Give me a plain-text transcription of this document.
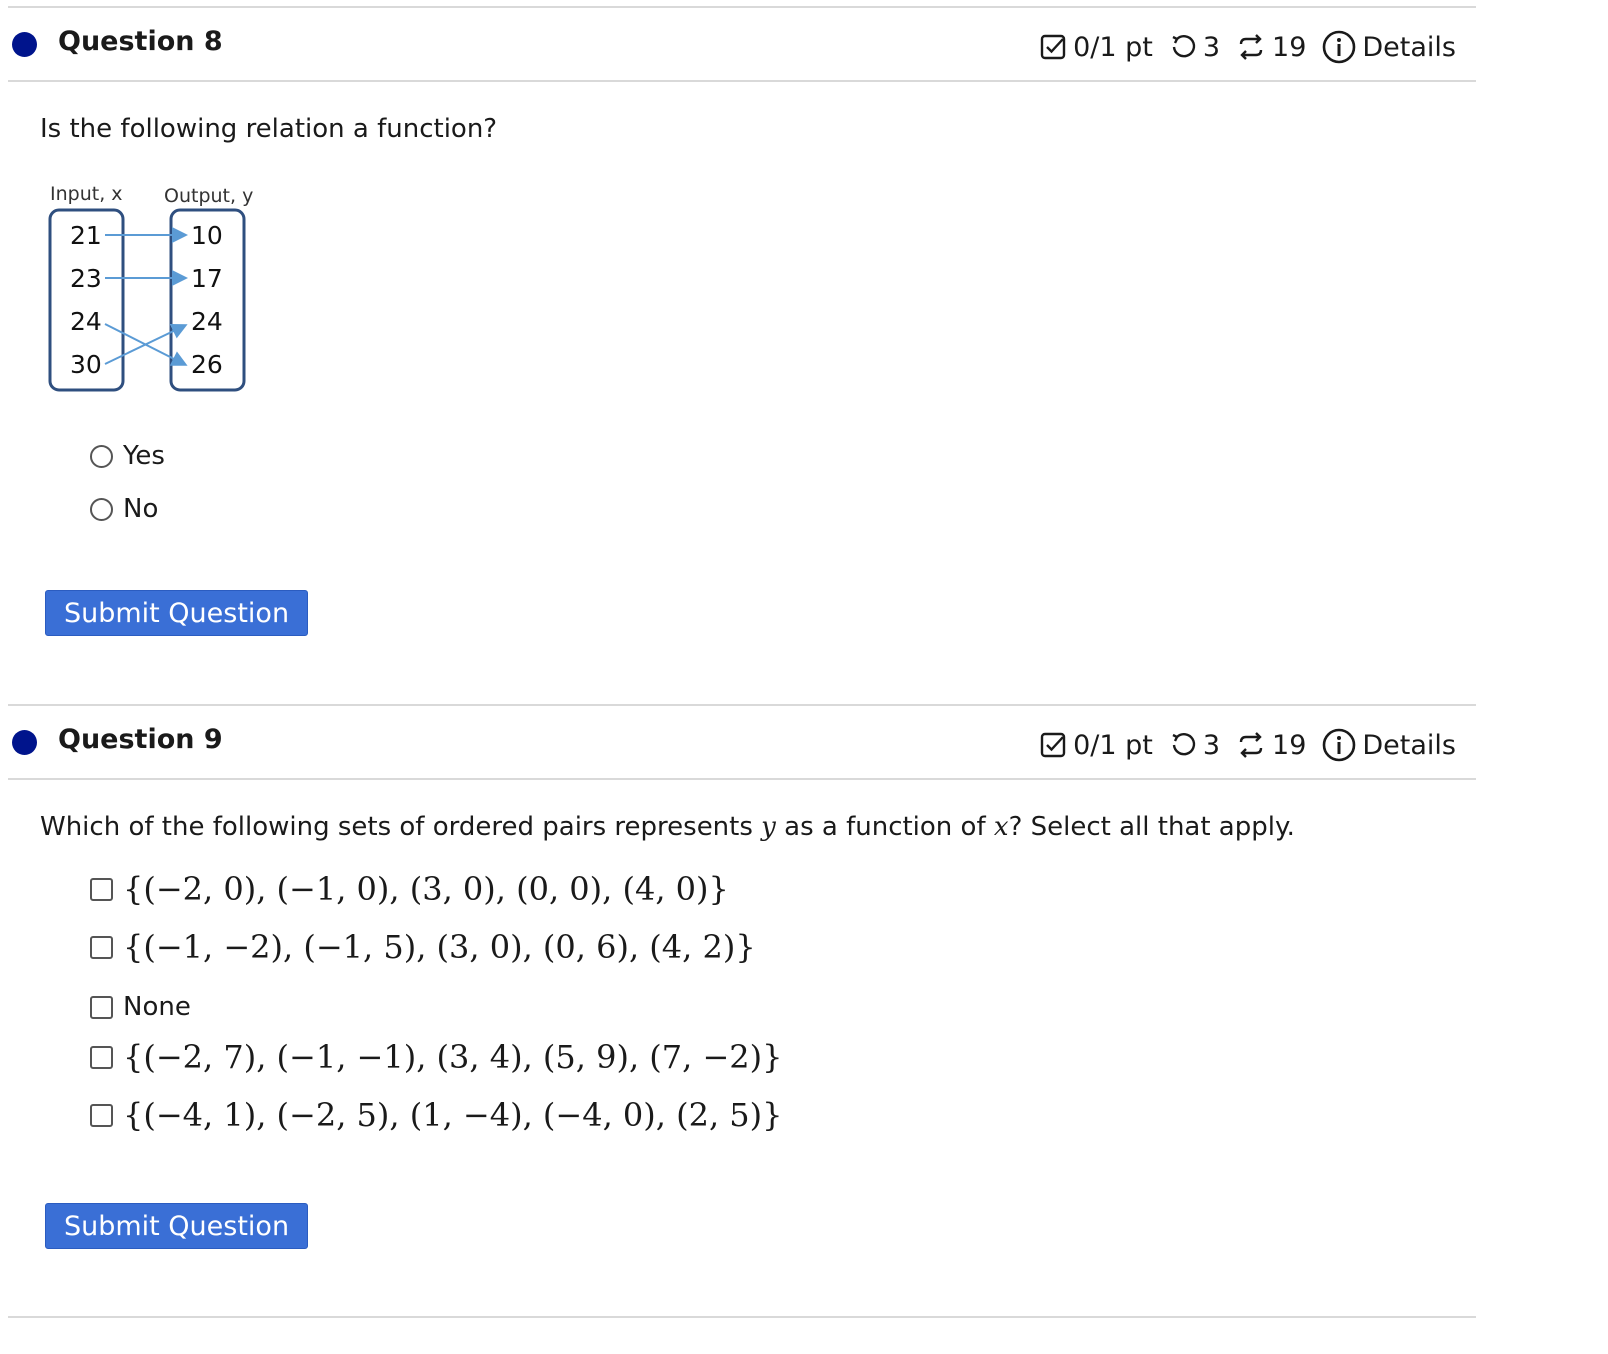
Question 8	0/1 pt 3 19 Details
Is the following relation a function?
Input, x Output, y
21
23
24
30
10
17
24
26
Yes
No
Submit Question
Question 9	0/1 pt 3 19 Details
Which of the following sets of ordered pairs represents y as a function of x? Select all that apply.
{(−2, 0), (−1, 0), (3, 0), (0, 0), (4, 0)}
{(−1, −2), (−1, 5), (3, 0), (0, 6), (4, 2)}
None
{(−2, 7), (−1, −1), (3, 4), (5, 9), (7, −2)}
{(−4, 1), (−2, 5), (1, −4), (−4, 0), (2, 5)}
Submit Question
